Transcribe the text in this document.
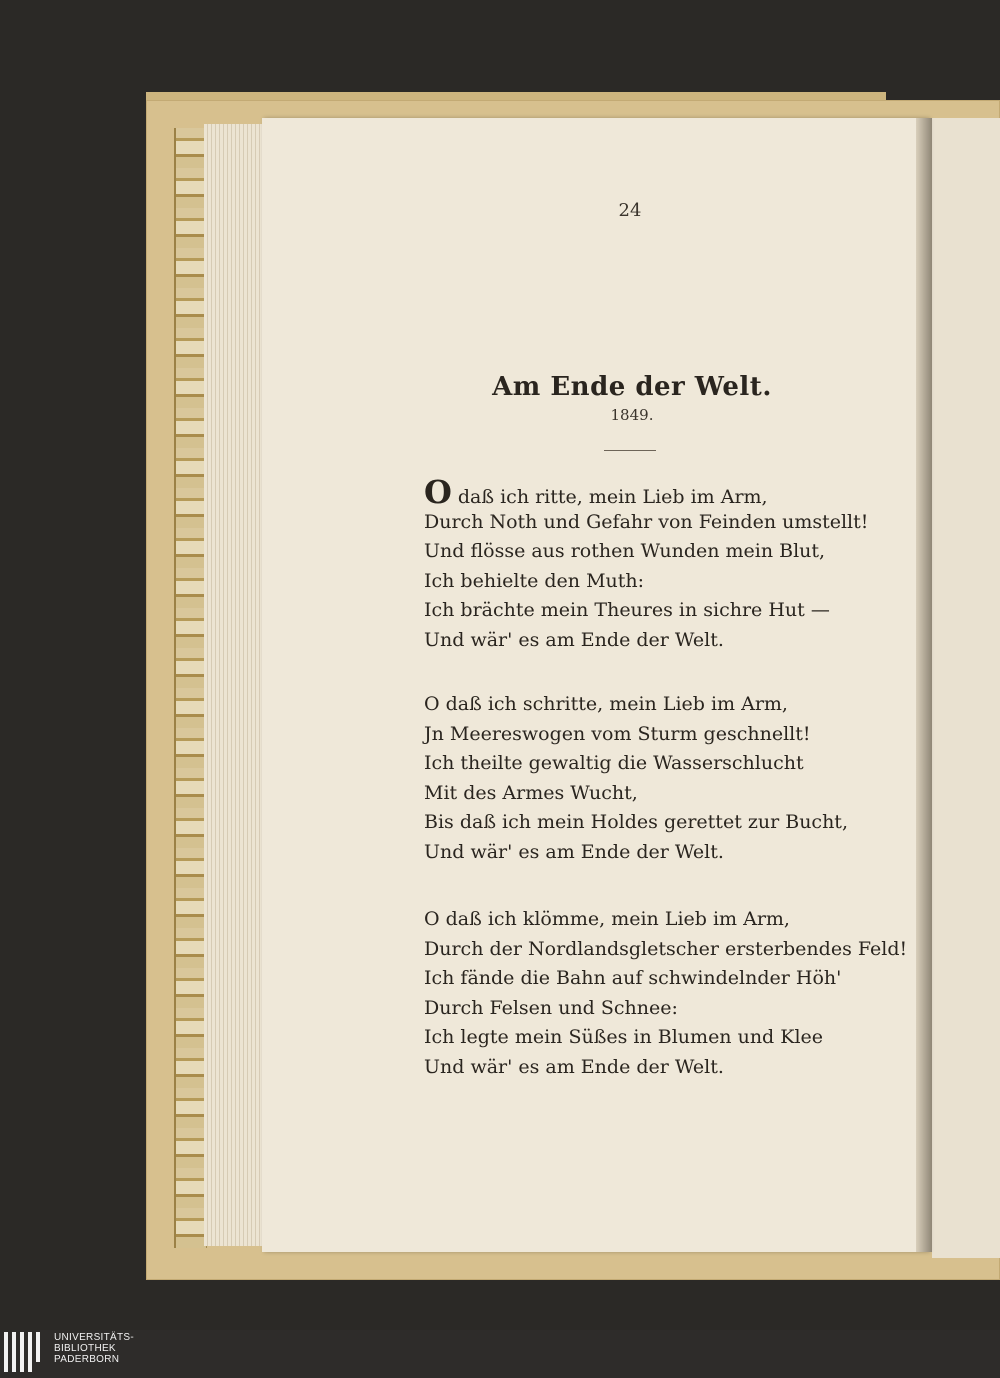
24
Am Ende der Welt.
1849.
Odaß ich ritte, mein Lieb im Arm,
Durch Noth und Gefahr von Feinden umstellt!
Und flösse aus rothen Wunden mein Blut,
Ich behielte den Muth:
Ich brächte mein Theures in sichre Hut —
Und wär' es am Ende der Welt.
O daß ich schritte, mein Lieb im Arm,
Jn Meereswogen vom Sturm geschnellt!
Ich theilte gewaltig die Wasserschlucht
Mit des Armes Wucht,
Bis daß ich mein Holdes gerettet zur Bucht,
Und wär' es am Ende der Welt.
O daß ich klömme, mein Lieb im Arm,
Durch der Nordlandsgletscher ersterbendes Feld!
Ich fände die Bahn auf schwindelnder Höh'
Durch Felsen und Schnee:
Ich legte mein Süßes in Blumen und Klee
Und wär' es am Ende der Welt.
UNIVERSITÄTS-
BIBLIOTHEK
PADERBORN
